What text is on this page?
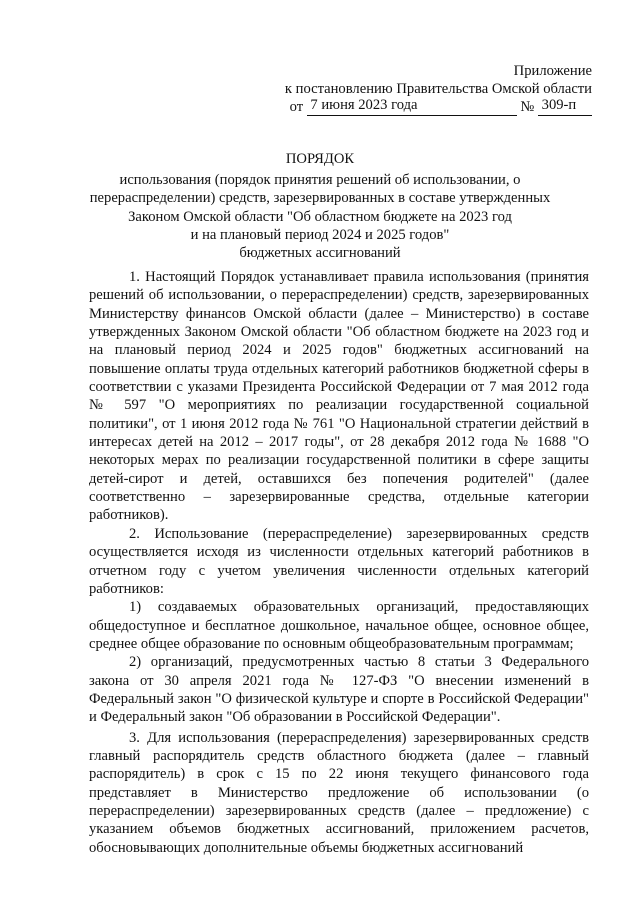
Приложение
к постановлению Правительства Омской области
от
7 июня 2023 года
	№
309-п
ПОРЯДОК
использования (порядок принятия решений об использовании, о
перераспределении) средств, зарезервированных в составе утвержденных
Законом Омской области "Об областном бюджете на 2023 год
и на плановый период 2024 и 2025 годов"
бюджетных ассигнований

1. Настоящий Порядок устанавливает правила использования (принятия решений об использовании, о перераспределении) средств, зарезервированных Министерству финансов Омской области (далее – Министерство) в составе утвержденных Законом Омской области "Об областном бюджете на 2023 год и на плановый период 2024 и 2025 годов" бюджетных ассигнований на повышение оплаты труда отдельных категорий работников бюджетной сферы в соответствии с указами Президента Российской Федерации от 7 мая 2012 года № 597 "О мероприятиях по реализации государственной социальной политики", от 1 июня 2012 года № 761 "О Национальной стратегии действий в интересах детей на 2012 – 2017 годы", от 28 декабря 2012 года № 1688 "О некоторых мерах по реализации государственной политики в сфере защиты детей-сирот и детей, оставшихся без попечения родителей" (далее соответственно – зарезервированные средства, отдельные категории работников).

2. Использование (перераспределение) зарезервированных средств осуществляется исходя из численности отдельных категорий работников в отчетном году с учетом увеличения численности отдельных категорий работников:

1) создаваемых образовательных организаций, предоставляющих общедоступное и бесплатное дошкольное, начальное общее, основное общее, среднее общее образование по основным общеобразовательным программам;

2) организаций, предусмотренных частью 8 статьи 3 Федерального закона от 30 апреля 2021 года № 127-ФЗ "О внесении изменений в Федеральный закон "О физической культуре и спорте в Российской Федерации" и Федеральный закон "Об образовании в Российской Федерации".

3. Для использования (перераспределения) зарезервированных средств главный распорядитель средств областного бюджета (далее – главный распорядитель) в срок с 15 по 22 июня текущего финансового года представляет в Министерство предложение об использовании (о перераспределении) зарезервированных средств (далее – предложение) с указанием объемов бюджетных ассигнований, приложением расчетов, обосновывающих дополнительные объемы бюджетных ассигнований
